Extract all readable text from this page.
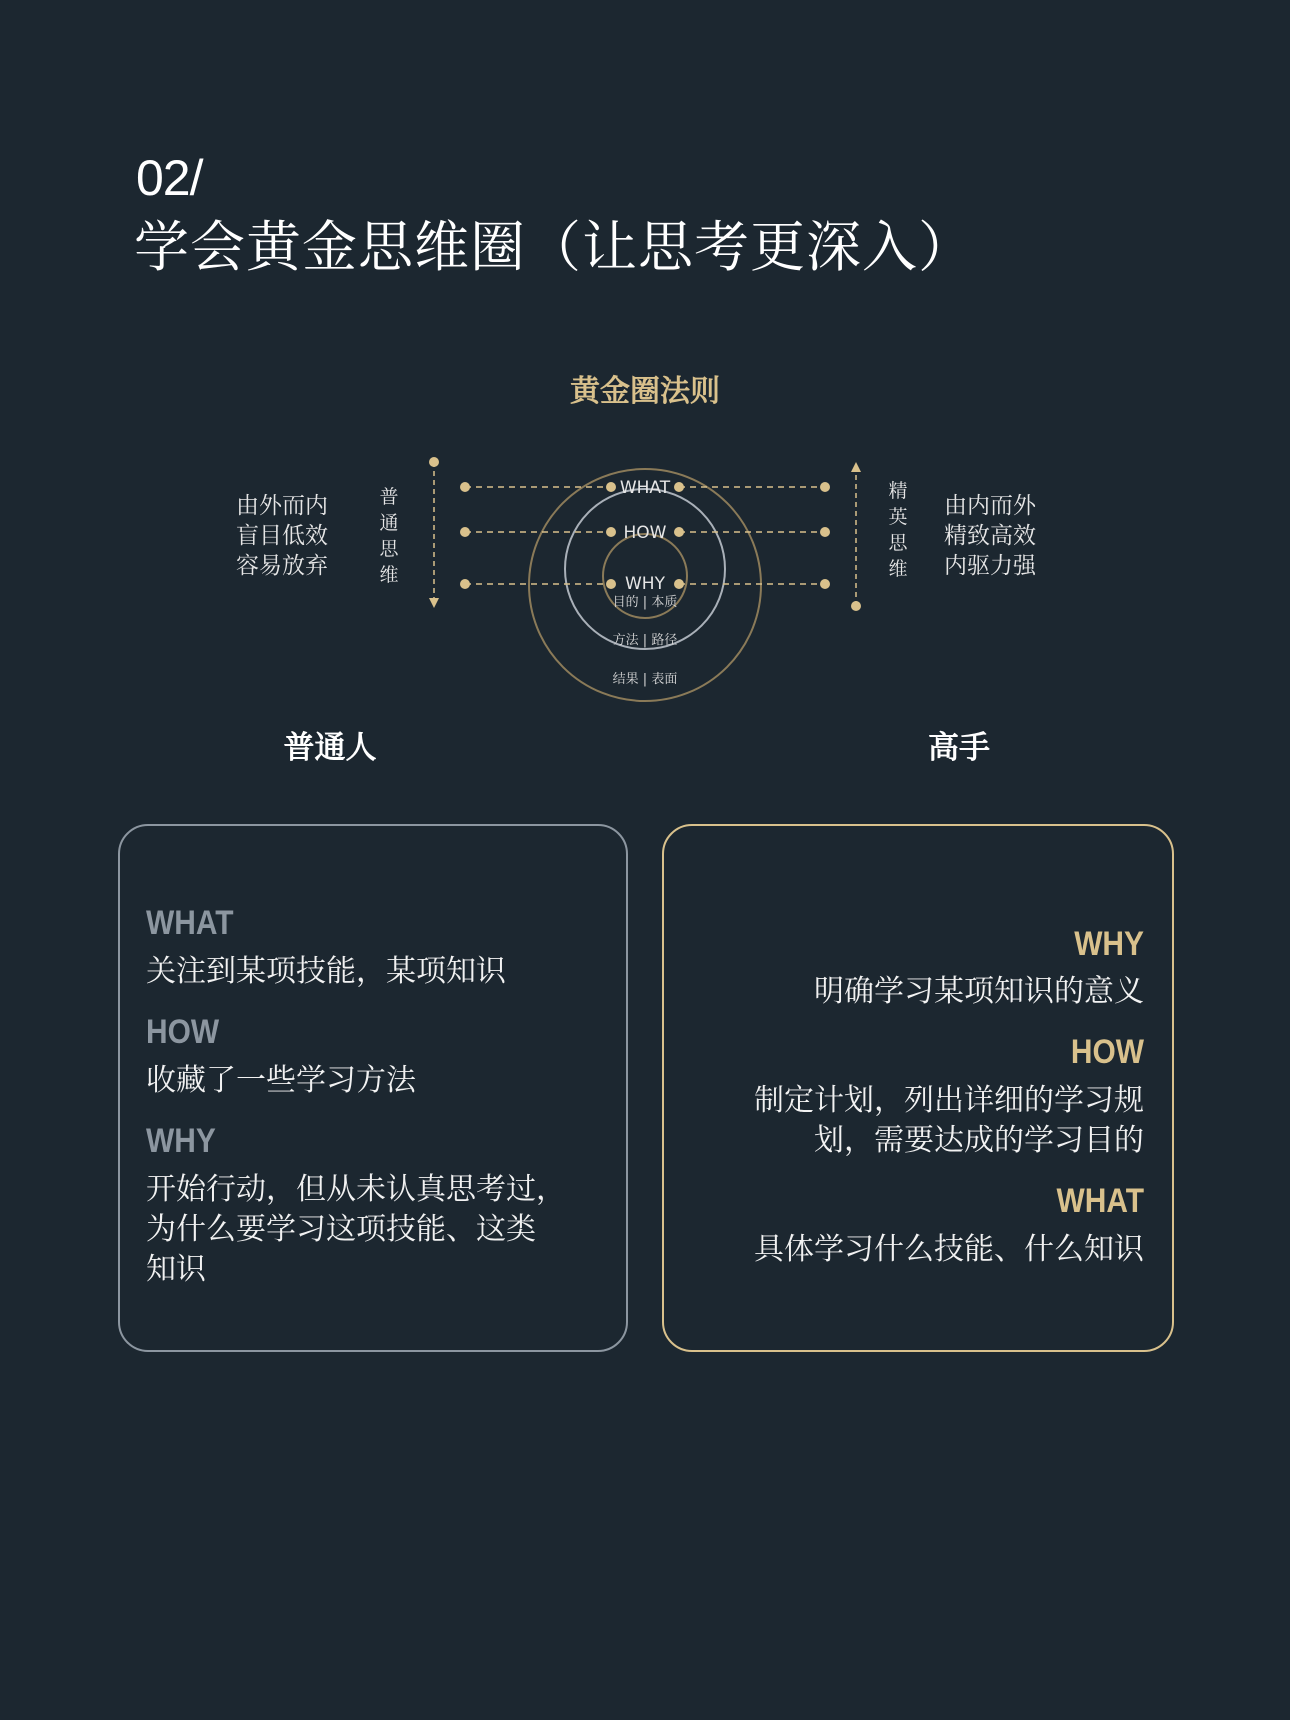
02/
学会黄金思维圈（让思考更深入）
黄金圈法则
WHAT
HOW
WHY
目的 | 本质
方法 | 路径
结果 | 表面
由外而内
盲目低效
容易放弃
普
通
思
维
精
英
思
维
由内而外
精致高效
内驱力强
普通人	高手
WHAT
关注到某项技能，某项知识
HOW
收藏了一些学习方法
WHY
开始行动，但从未认真思考过，
为什么要学习这项技能、这类
知识
WHY
明确学习某项知识的意义
HOW
制定计划，列出详细的学习规
划，需要达成的学习目的
WHAT
具体学习什么技能、什么知识
